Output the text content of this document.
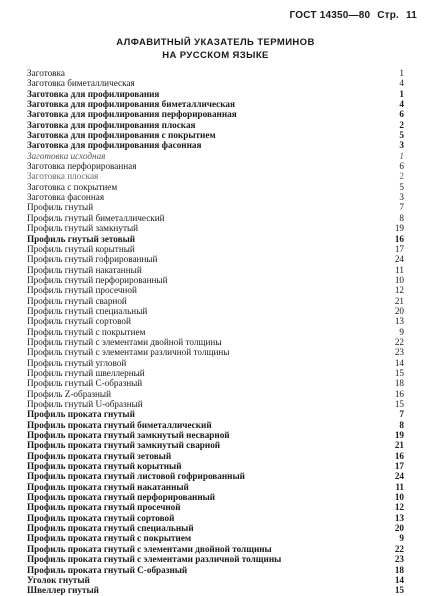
ГОСТ 14350—80 Стр. 11
АЛФАВИТНЫЙ УКАЗАТЕЛЬ ТЕРМИНОВ
НА РУССКОМ ЯЗЫКЕ
Заготовка	1
Заготовка биметаллическая	4
Заготовка для профилирования	1
Заготовка для профилирования биметаллическая	4
Заготовка для профилирования перфорированная	6
Заготовка для профилирования плоская	2
Заготовка для профилирования с покрытием	5
Заготовка для профилирования фасонная	3
Заготовка исходная	1
Заготовка перфорированная	6
Заготовка плоская	2
Заготовка с покрытием	5
Заготовка фасонная	3
Профиль гнутый	7
Профиль гнутый биметаллический	8
Профиль гнутый замкнутый	19
Профиль гнутый зетовый	16
Профиль гнутый корытный	17
Профиль гнутый гофрированный	24
Профиль гнутый накатанный	11
Профиль гнутый перфорированный	10
Профиль гнутый просечной	12
Профиль гнутый сварной	21
Профиль гнутый специальный	20
Профиль гнутый сортовой	13
Профиль гнутый с покрытием	9
Профиль гнутый с элементами двойной толщины	22
Профиль гнутый с элементами различной толщины	23
Профиль гнутый угловой	14
Профиль гнутый швеллерный	15
Профиль гнутый С-образный	18
Профиль Z-образный	16
Профиль гнутый U-образный	15
Профиль проката гнутый	7
Профиль проката гнутый биметаллический	8
Профиль проката гнутый замкнутый несварной	19
Профиль проката гнутый замкнутый сварной	21
Профиль проката гнутый зетовый	16
Профиль проката гнутый корытный	17
Профиль проката гнутый листовой гофрированный	24
Профиль проката гнутый накатанный	11
Профиль проката гнутый перфорированный	10
Профиль проката гнутый просечной	12
Профиль проката гнутый сортовой	13
Профиль проката гнутый специальный	20
Профиль проката гнутый с покрытием	9
Профиль проката гнутый с элементами двойной толщины	22
Профиль проката гнутый с элементами различной толщины	23
Профиль проката гнутый С-образный	18
Уголок гнутый	14
Швеллер гнутый	15
